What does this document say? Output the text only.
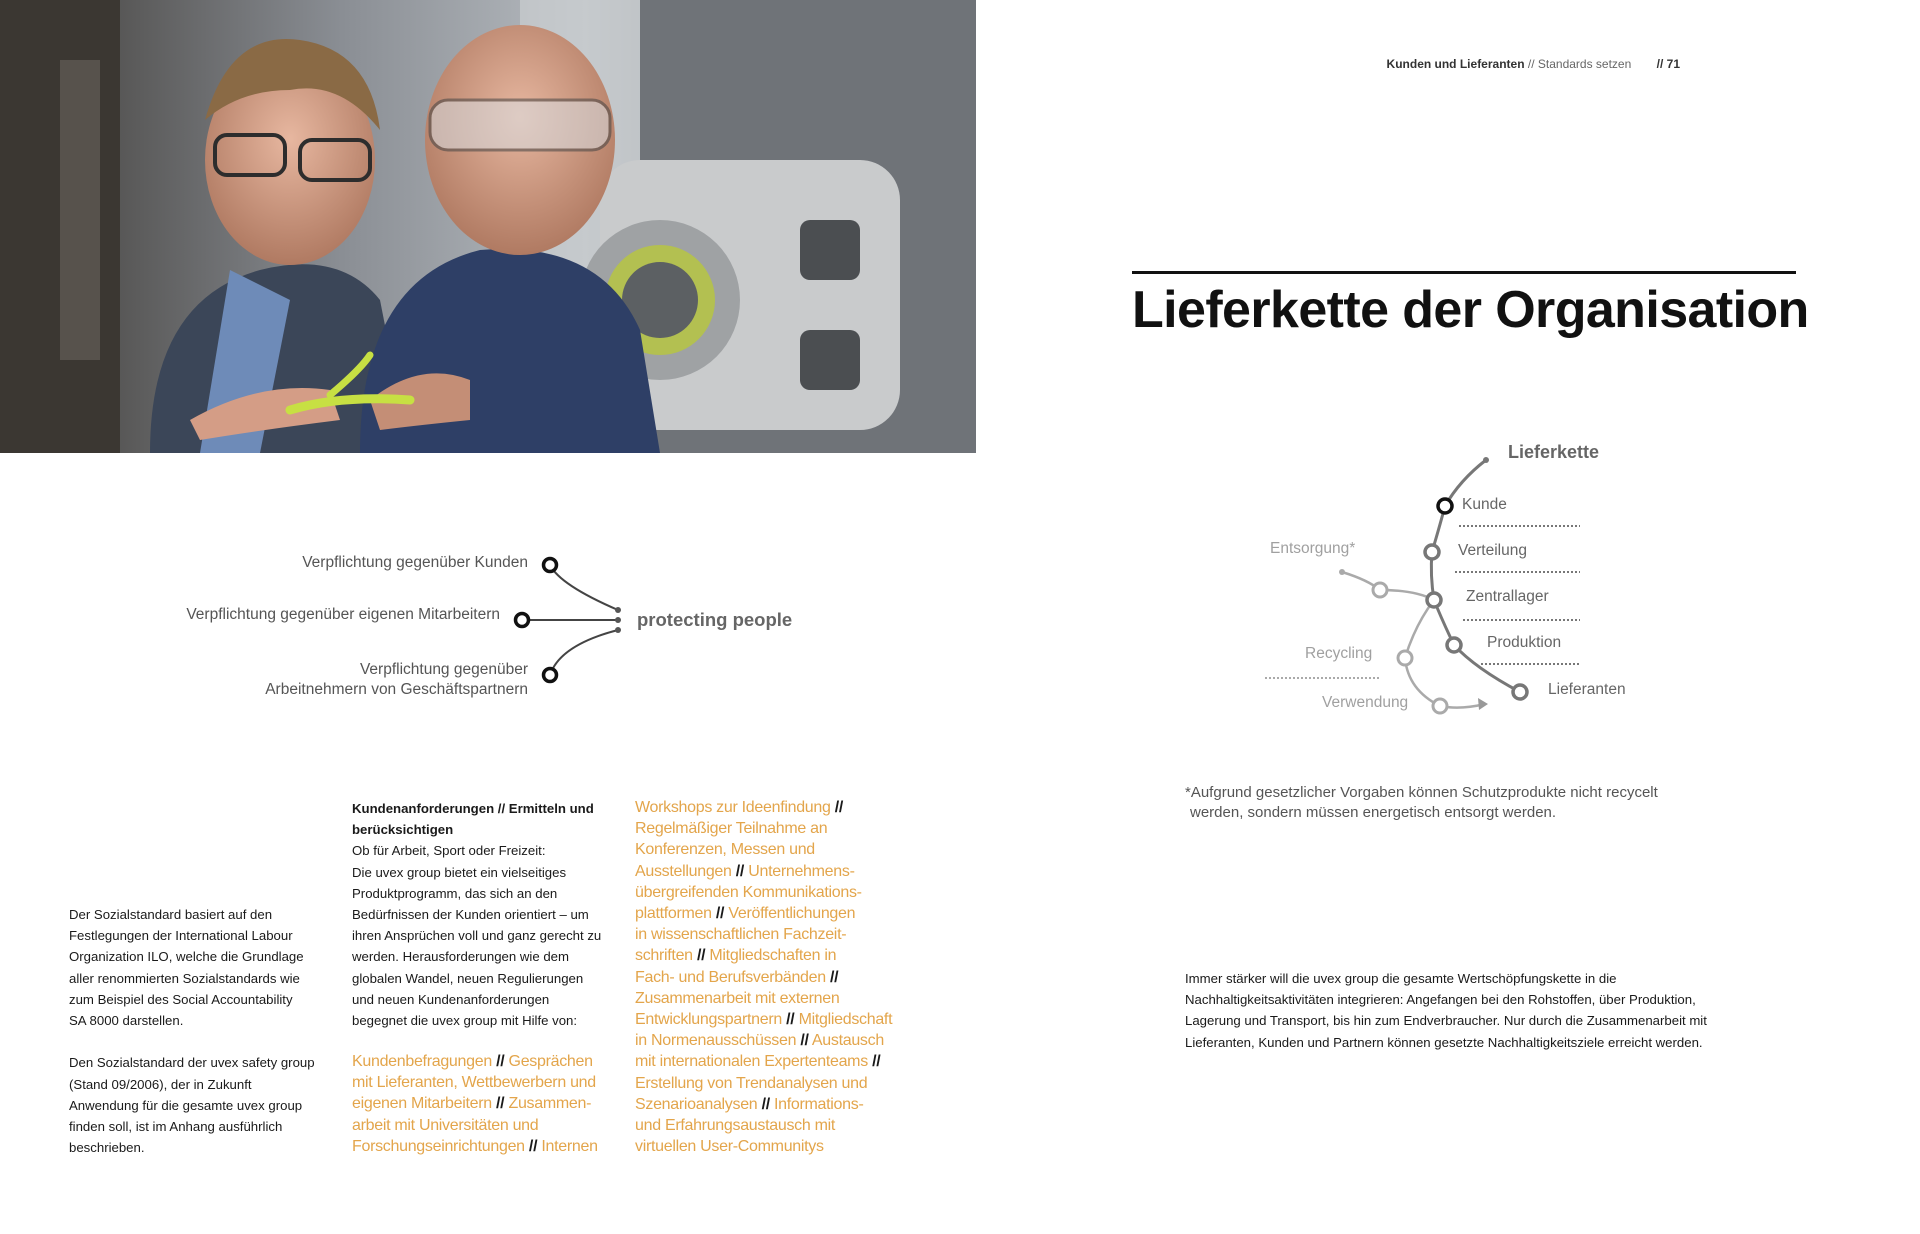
Kunden und Lieferanten // Standards setzen // 71
Lieferkette der Organisation
Verpflichtung gegenüber Kunden
Verpflichtung gegenüber eigenen Mitarbeitern
Verpflichtung gegenüber
Arbeitnehmern von Geschäftspartnern
protecting people
Lieferkette
Kunde
Verteilung
Zentrallager
Produktion
Lieferanten
Entsorgung*
Recycling
Verwendung
*Aufgrund gesetzlicher Vorgaben können Schutzprodukte nicht recycelt
werden, sondern müssen energetisch entsorgt werden.
Immer stärker will die uvex group die gesamte Wertschöpfungskette in die
Nachhaltigkeitsaktivitäten integrieren: Angefangen bei den Rohstoffen, über Produktion,
Lagerung und Transport, bis hin zum Endverbraucher. Nur durch die Zusammenarbeit mit
Lieferanten, Kunden und Partnern können gesetzte Nachhaltigkeitsziele erreicht werden.
Der Sozialstandard basiert auf den
Festlegungen der International Labour
Organization ILO, welche die Grundlage
aller renommierten Sozialstandards wie
zum Beispiel des Social Accountability
SA 8000 darstellen.
Den Sozialstandard der uvex safety group
(Stand 09/2006), der in Zukunft
Anwendung für die gesamte uvex group
finden soll, ist im Anhang ausführlich
beschrieben.
Kundenanforderungen // Ermitteln und
berücksichtigen
Ob für Arbeit, Sport oder Freizeit:
Die uvex group bietet ein vielseitiges
Produktprogramm, das sich an den
Bedürfnissen der Kunden orientiert – um
ihren Ansprüchen voll und ganz gerecht zu
werden. Herausforderungen wie dem
globalen Wandel, neuen Regulierungen
und neuen Kundenanforderungen
begegnet die uvex group mit Hilfe von:
Kundenbefragungen // Gesprächen
mit Lieferanten, Wettbewerbern und
eigenen Mitarbeitern // Zusammen-
arbeit mit Universitäten und
Forschungseinrichtungen // Internen
Workshops zur Ideenfindung //
Regelmäßiger Teilnahme an
Konferenzen, Messen und
Ausstellungen // Unternehmens-
übergreifenden Kommunikations-
plattformen // Veröffentlichungen
in wissenschaftlichen Fachzeit-
schriften // Mitgliedschaften in
Fach- und Berufsverbänden //
Zusammenarbeit mit externen
Entwicklungspartnern // Mitgliedschaft
in Normenausschüssen // Austausch
mit internationalen Expertenteams //
Erstellung von Trendanalysen und
Szenarioanalysen // Informations-
und Erfahrungsaustausch mit
virtuellen User-Communitys
